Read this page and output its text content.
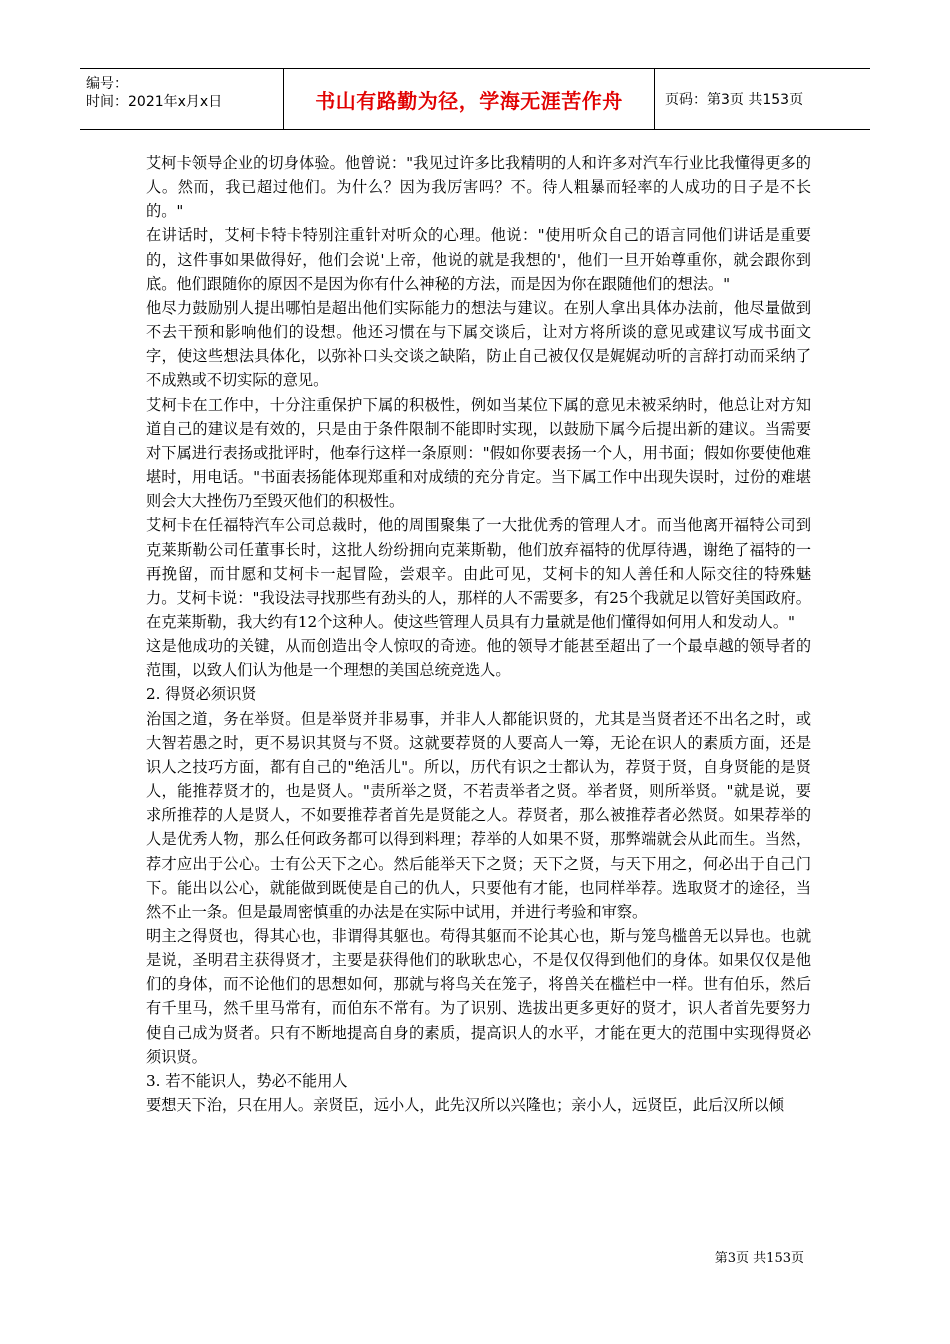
编号：
时间：2021年x月x日	书山有路勤为径，学海无涯苦作舟	页码：第3页 共153页

艾柯卡领导企业的切身体验。他曾说："我见过许多比我精明的人和许多对汽车行业比我懂得更多的人。然而，我已超过他们。为什么？因为我厉害吗？不。待人粗暴而轻率的人成功的日子是不长的。"

在讲话时，艾柯卡特卡特别注重针对听众的心理。他说："使用听众自己的语言同他们讲话是重要的，这件事如果做得好，他们会说'上帝，他说的就是我想的'，他们一旦开始尊重你，就会跟你到底。他们跟随你的原因不是因为你有什么神秘的方法，而是因为你在跟随他们的想法。"

他尽力鼓励别人提出哪怕是超出他们实际能力的想法与建议。在别人拿出具体办法前，他尽量做到不去干预和影响他们的设想。他还习惯在与下属交谈后，让对方将所谈的意见或建议写成书面文字，使这些想法具体化，以弥补口头交谈之缺陷，防止自己被仅仅是娓娓动听的言辞打动而采纳了不成熟或不切实际的意见。

艾柯卡在工作中，十分注重保护下属的积极性，例如当某位下属的意见未被采纳时，他总让对方知道自己的建议是有效的，只是由于条件限制不能即时实现，以鼓励下属今后提出新的建议。当需要对下属进行表扬或批评时，他奉行这样一条原则："假如你要表扬一个人，用书面；假如你要使他难堪时，用电话。"书面表扬能体现郑重和对成绩的充分肯定。当下属工作中出现失误时，过份的难堪则会大大挫伤乃至毁灭他们的积极性。

艾柯卡在任福特汽车公司总裁时，他的周围聚集了一大批优秀的管理人才。而当他离开福特公司到克莱斯勒公司任董事长时，这批人纷纷拥向克莱斯勒，他们放弃福特的优厚待遇，谢绝了福特的一再挽留，而甘愿和艾柯卡一起冒险，尝艰辛。由此可见，艾柯卡的知人善任和人际交往的特殊魅力。艾柯卡说："我设法寻找那些有劲头的人，那样的人不需要多，有25个我就足以管好美国政府。在克莱斯勒，我大约有12个这种人。使这些管理人员具有力量就是他们懂得如何用人和发动人。"

这是他成功的关键，从而创造出令人惊叹的奇迹。他的领导才能甚至超出了一个最卓越的领导者的范围，以致人们认为他是一个理想的美国总统竞选人。

2. 得贤必须识贤

治国之道，务在举贤。但是举贤并非易事，并非人人都能识贤的，尤其是当贤者还不出名之时，或大智若愚之时，更不易识其贤与不贤。这就要荐贤的人要高人一筹，无论在识人的素质方面，还是识人之技巧方面，都有自己的"绝活儿"。所以，历代有识之士都认为，荐贤于贤，自身贤能的是贤人，能推荐贤才的，也是贤人。"责所举之贤，不若责举者之贤。举者贤，则所举贤。"就是说，要求所推荐的人是贤人，不如要推荐者首先是贤能之人。荐贤者，那么被推荐者必然贤。如果荐举的人是优秀人物，那么任何政务都可以得到料理；荐举的人如果不贤，那弊端就会从此而生。当然，荐才应出于公心。士有公天下之心。然后能举天下之贤；天下之贤，与天下用之，何必出于自己门下。能出以公心，就能做到既使是自己的仇人，只要他有才能，也同样举荐。选取贤才的途径，当然不止一条。但是最周密慎重的办法是在实际中试用，并进行考验和审察。

明主之得贤也，得其心也，非谓得其躯也。苟得其躯而不论其心也，斯与笼鸟槛兽无以异也。也就是说，圣明君主获得贤才，主要是获得他们的耿耿忠心，不是仅仅得到他们的身体。如果仅仅是他们的身体，而不论他们的思想如何，那就与将鸟关在笼子，将兽关在槛栏中一样。世有伯乐，然后有千里马，然千里马常有，而伯东不常有。为了识别、选拔出更多更好的贤才，识人者首先要努力使自己成为贤者。只有不断地提高自身的素质，提高识人的水平，才能在更大的范围中实现得贤必须识贤。

3. 若不能识人，势必不能用人

要想天下治，只在用人。亲贤臣，远小人，此先汉所以兴隆也；亲小人，远贤臣，此后汉所以倾

第3页 共153页
